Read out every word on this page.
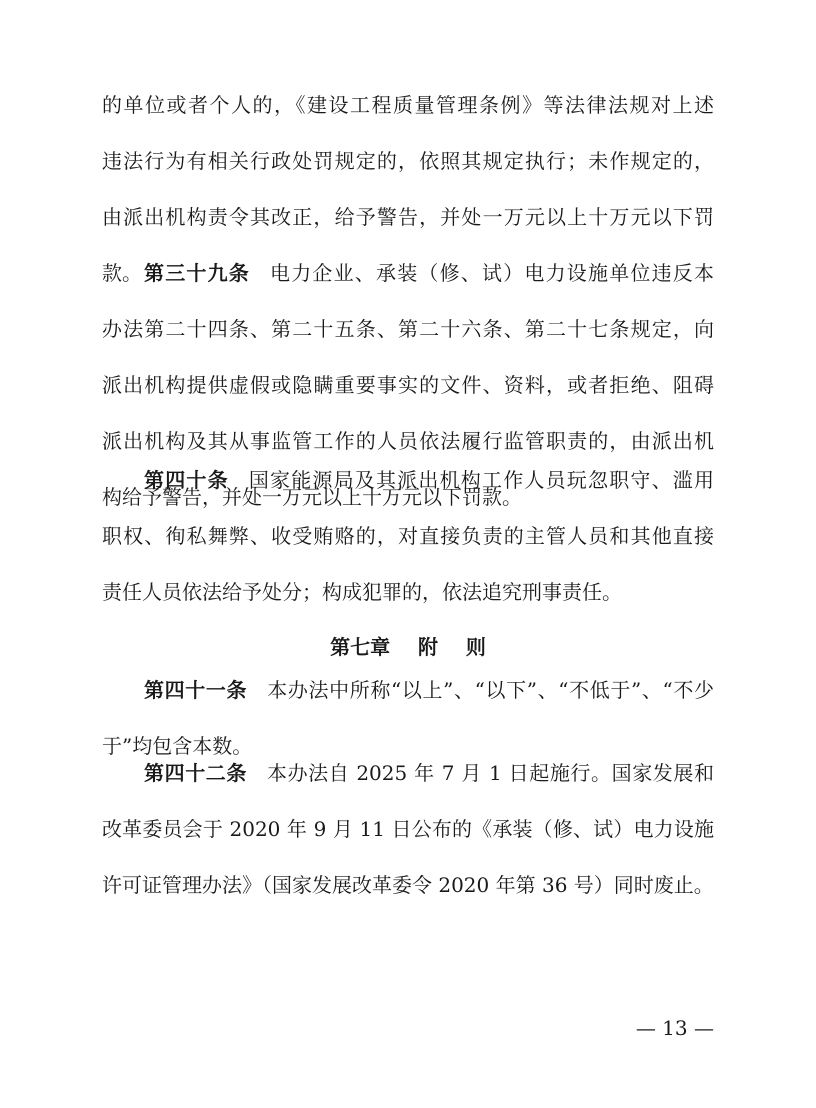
的单位或者个人的，《建设工程质量管理条例》等法律法规对上述
违法行为有相关行政处罚规定的，依照其规定执行；未作规定的，
由派出机构责令其改正，给予警告，并处一万元以上十万元以下罚
款。 第三十九条 电力企业、承装（修、试）电力设施单位违反本
办法第二十四条、第二十五条、第二十六条、第二十七条规定，向
派出机构提供虚假或隐瞒重要事实的文件、资料，或者拒绝、阻碍
派出机构及其从事监管工作的人员依法履行监管职责的，由派出机
构给予警告，并处一万元以上十万元以下罚款。
第四十条 国家能源局及其派出机构工作人员玩忽职守、滥用
职权、徇私舞弊、收受贿赂的，对直接负责的主管人员和其他直接
责任人员依法给予处分；构成犯罪的，依法追究刑事责任。
第七章    附    则
第四十一条 本办法中所称“以上”、“以下”、“不低于”、“不少
于”均包含本数。
第四十二条 本办法自 2025 年 7 月 1 日起施行。国家发展和
改革委员会于 2020 年 9 月 11 日公布的《承装（修、试）电力设施
许可证管理办法》（国家发展改革委令 2020 年第 36 号）同时废止。
— 13 —
